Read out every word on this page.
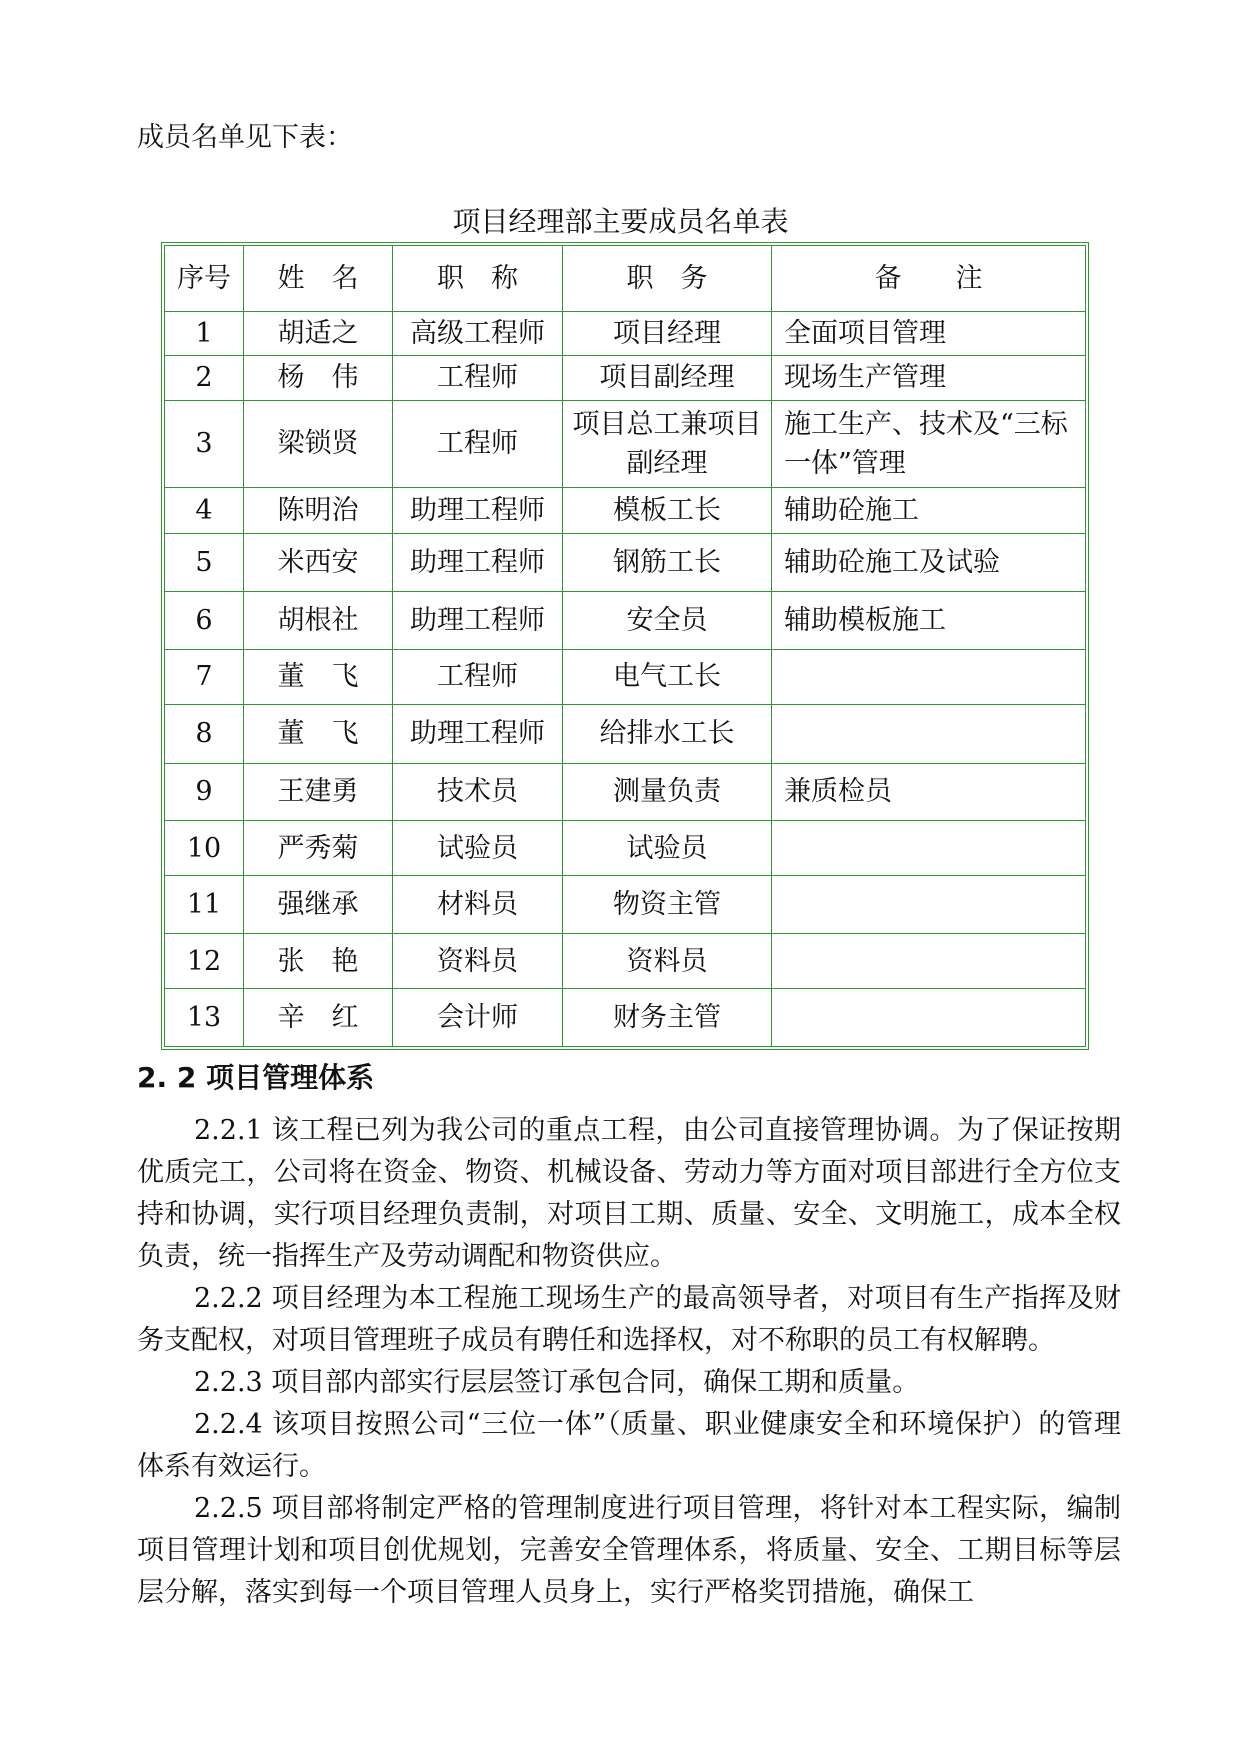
成员名单见下表：
项目经理部主要成员名单表
序号	姓　名	职　称	职　务	备　　注
1	胡适之	高级工程师	项目经理	全面项目管理
2	杨　伟	工程师	项目副经理	现场生产管理
3	梁锁贤	工程师	项目总工兼项目副经理	施工生产、技术及“三标一体”管理
4	陈明治	助理工程师	模板工长	辅助砼施工
5	米西安	助理工程师	钢筋工长	辅助砼施工及试验
6	胡根社	助理工程师	安全员	辅助模板施工
7	董　飞	工程师	电气工长	
8	董　飞	助理工程师	给排水工长	
9	王建勇	技术员	测量负责	兼质检员
10	严秀菊	试验员	试验员	
11	强继承	材料员	物资主管	
12	张　艳	资料员	资料员	
13	辛　红	会计师	财务主管	
2. 2 项目管理体系

2.2.1 该工程已列为我公司的重点工程，由公司直接管理协调。为了保证按期优质完工，公司将在资金、物资、机械设备、劳动力等方面对项目部进行全方位支持和协调，实行项目经理负责制，对项目工期、质量、安全、文明施工，成本全权负责，统一指挥生产及劳动调配和物资供应。

2.2.2 项目经理为本工程施工现场生产的最高领导者，对项目有生产指挥及财务支配权，对项目管理班子成员有聘任和选择权，对不称职的员工有权解聘。

2.2.3 项目部内部实行层层签订承包合同，确保工期和质量。

2.2.4 该项目按照公司“三位一体”（质量、职业健康安全和环境保护）的管理体系有效运行。

2.2.5 项目部将制定严格的管理制度进行项目管理，将针对本工程实际，编制项目管理计划和项目创优规划，完善安全管理体系，将质量、安全、工期目标等层层分解，落实到每一个项目管理人员身上，实行严格奖罚措施，确保工
